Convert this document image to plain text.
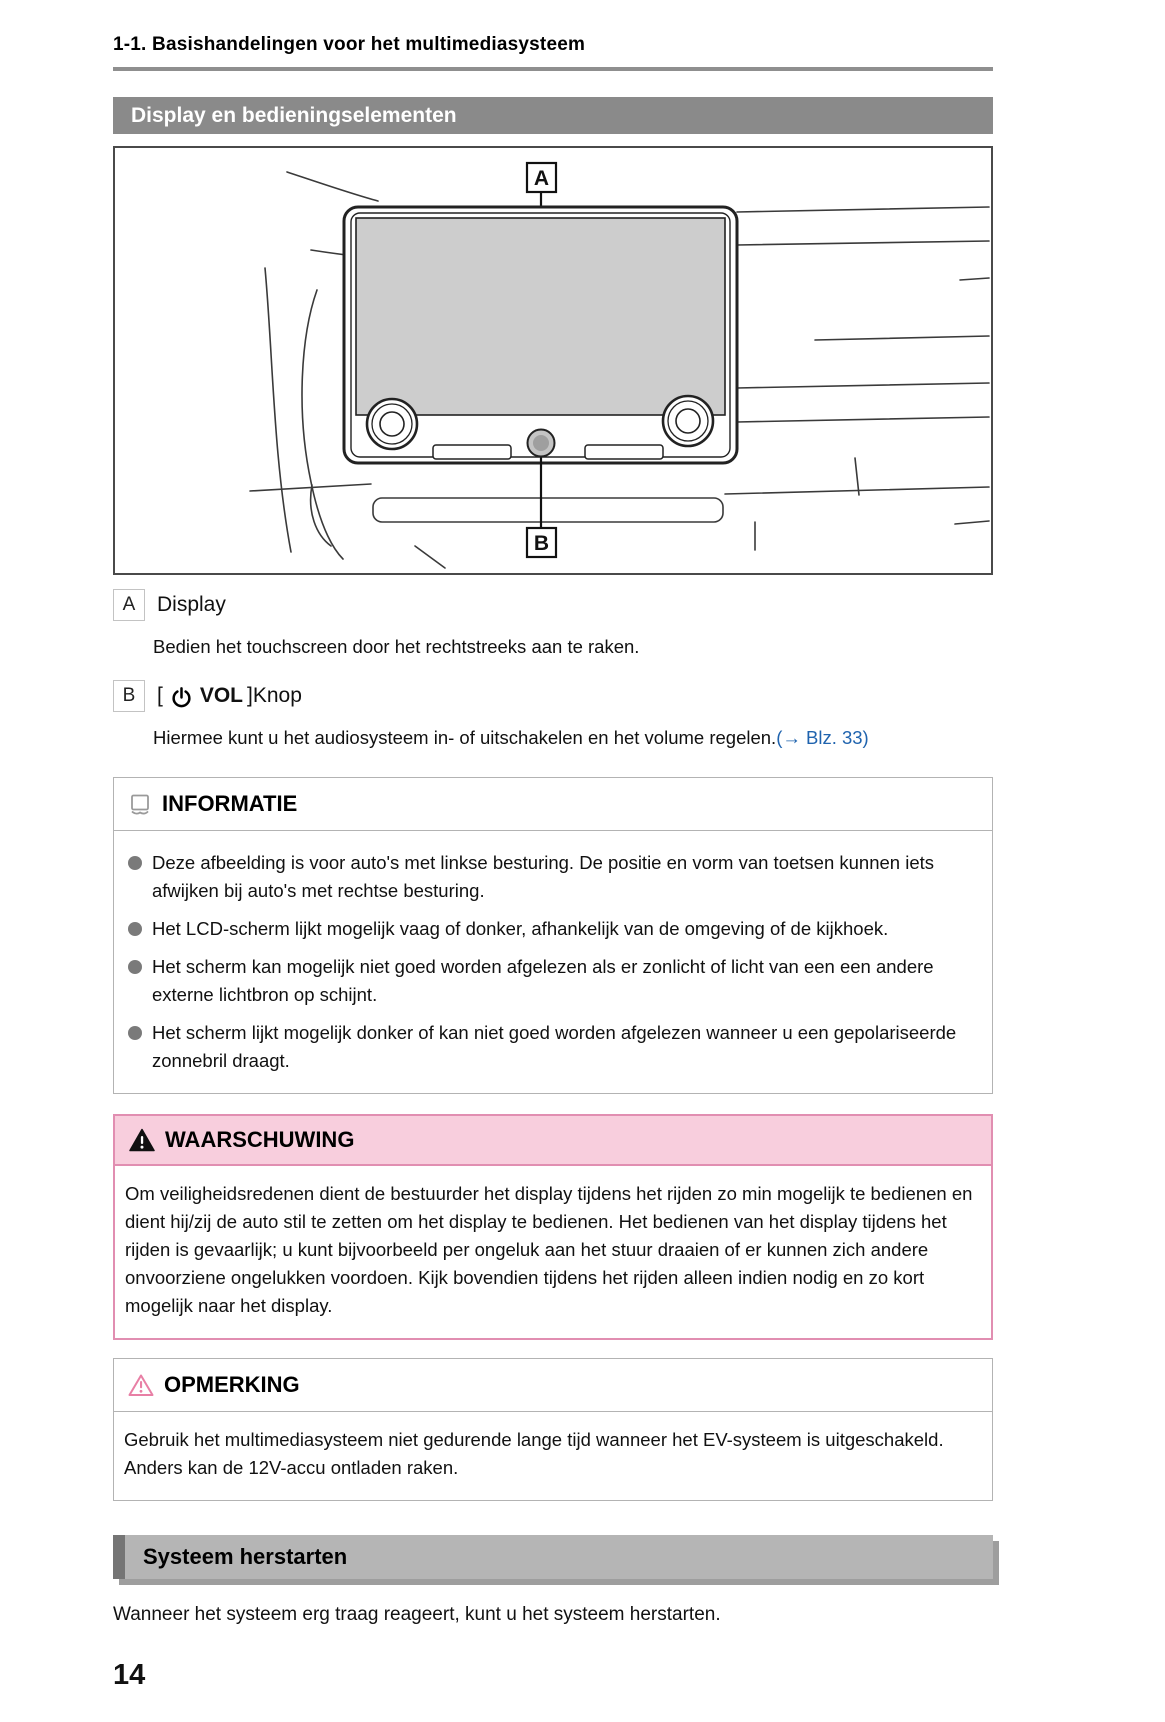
1-1. Basishandelingen voor het multimediasysteem
Display en bedieningselementen
A
B
A	Display
Bedien het touchscreen door het rechtstreeks aan te raken.
B	[ VOL ]Knop
Hiermee kunt u het audiosysteem in- of uitschakelen en het volume regelen.(→ Blz. 33)
INFORMATIE
Deze afbeelding is voor auto's met linkse besturing. De positie en vorm van toetsen kunnen iets afwijken bij auto's met rechtse besturing.
Het LCD-scherm lijkt mogelijk vaag of donker, afhankelijk van de omgeving of de kijkhoek.
Het scherm kan mogelijk niet goed worden afgelezen als er zonlicht of licht van een een andere externe lichtbron op schijnt.
Het scherm lijkt mogelijk donker of kan niet goed worden afgelezen wanneer u een gepolariseerde zonnebril draagt.
WAARSCHUWING
Om veiligheidsredenen dient de bestuurder het display tijdens het rijden zo min mogelijk te bedienen en dient hij/zij de auto stil te zetten om het display te bedienen. Het bedienen van het display tijdens het rijden is gevaarlijk; u kunt bijvoorbeeld per ongeluk aan het stuur draaien of er kunnen zich andere onvoorziene ongelukken voordoen. Kijk bovendien tijdens het rijden alleen indien nodig en zo kort mogelijk naar het display.
OPMERKING
Gebruik het multimediasysteem niet gedurende lange tijd wanneer het EV-systeem is uitgeschakeld. Anders kan de 12V-accu ontladen raken.
Systeem herstarten
Wanneer het systeem erg traag reageert, kunt u het systeem herstarten.
14
